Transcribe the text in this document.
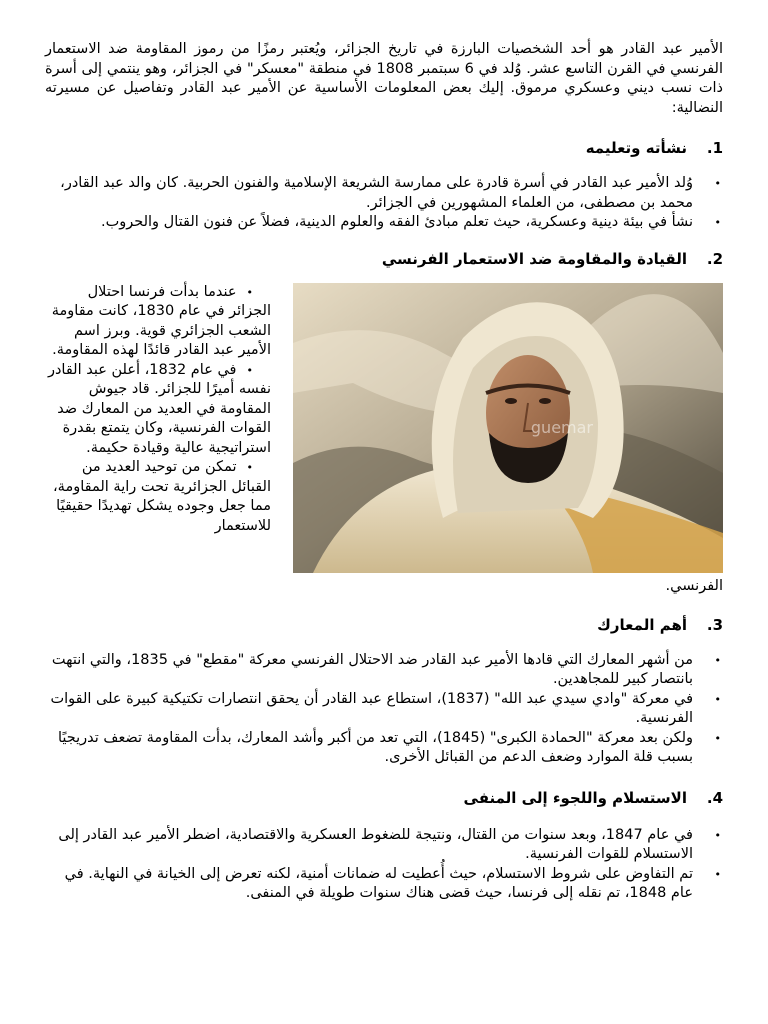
الأمير عبد القادر هو أحد الشخصيات البارزة في تاريخ الجزائر، ويُعتبر رمزًا من رموز المقاومة ضد الاستعمار الفرنسي في القرن التاسع عشر. وُلد في 6 سبتمبر 1808 في منطقة "معسكر" في الجزائر، وهو ينتمي إلى أسرة ذات نسب ديني وعسكري مرموق. إليك بعض المعلومات الأساسية عن الأمير عبد القادر وتفاصيل عن مسيرته النضالية:

1.
نشأته وتعليمه
• وُلد الأمير عبد القادر في أسرة قادرة على ممارسة الشريعة الإسلامية والفنون الحربية. كان والد عبد القادر، محمد بن مصطفى، من العلماء المشهورين في الجزائر.
• نشأ في بيئة دينية وعسكرية، حيث تعلم مبادئ الفقه والعلوم الدينية، فضلاً عن فنون القتال والحروب.
2.
القيادة والمقاومة ضد الاستعمار الفرنسي
guemar
• عندما بدأت فرنسا احتلال الجزائر في عام 1830، كانت مقاومة الشعب الجزائري قوية. وبرز اسم الأمير عبد القادر قائدًا لهذه المقاومة.
• في عام 1832، أعلن عبد القادر نفسه أميرًا للجزائر. قاد جيوش المقاومة في العديد من المعارك ضد القوات الفرنسية، وكان يتمتع بقدرة استراتيجية عالية وقيادة حكيمة.
• تمكن من توحيد العديد من القبائل الجزائرية تحت راية المقاومة، مما جعل وجوده يشكل تهديدًا حقيقيًا للاستعمار
الفرنسي.
3.
أهم المعارك
• من أشهر المعارك التي قادها الأمير عبد القادر ضد الاحتلال الفرنسي معركة "مقطع" في 1835، والتي انتهت بانتصار كبير للمجاهدين.
• في معركة "وادي سيدي عبد الله" (1837)، استطاع عبد القادر أن يحقق انتصارات تكتيكية كبيرة على القوات الفرنسية.
• ولكن بعد معركة "الحمادة الكبرى" (1845)، التي تعد من أكبر وأشد المعارك، بدأت المقاومة تضعف تدريجيًا بسبب قلة الموارد وضعف الدعم من القبائل الأخرى.
4.
الاستسلام واللجوء إلى المنفى
• في عام 1847، وبعد سنوات من القتال، ونتيجة للضغوط العسكرية والاقتصادية، اضطر الأمير عبد القادر إلى الاستسلام للقوات الفرنسية.
• تم التفاوض على شروط الاستسلام، حيث أُعطيت له ضمانات أمنية، لكنه تعرض إلى الخيانة في النهاية. في عام 1848، تم نقله إلى فرنسا، حيث قضى هناك سنوات طويلة في المنفى.
